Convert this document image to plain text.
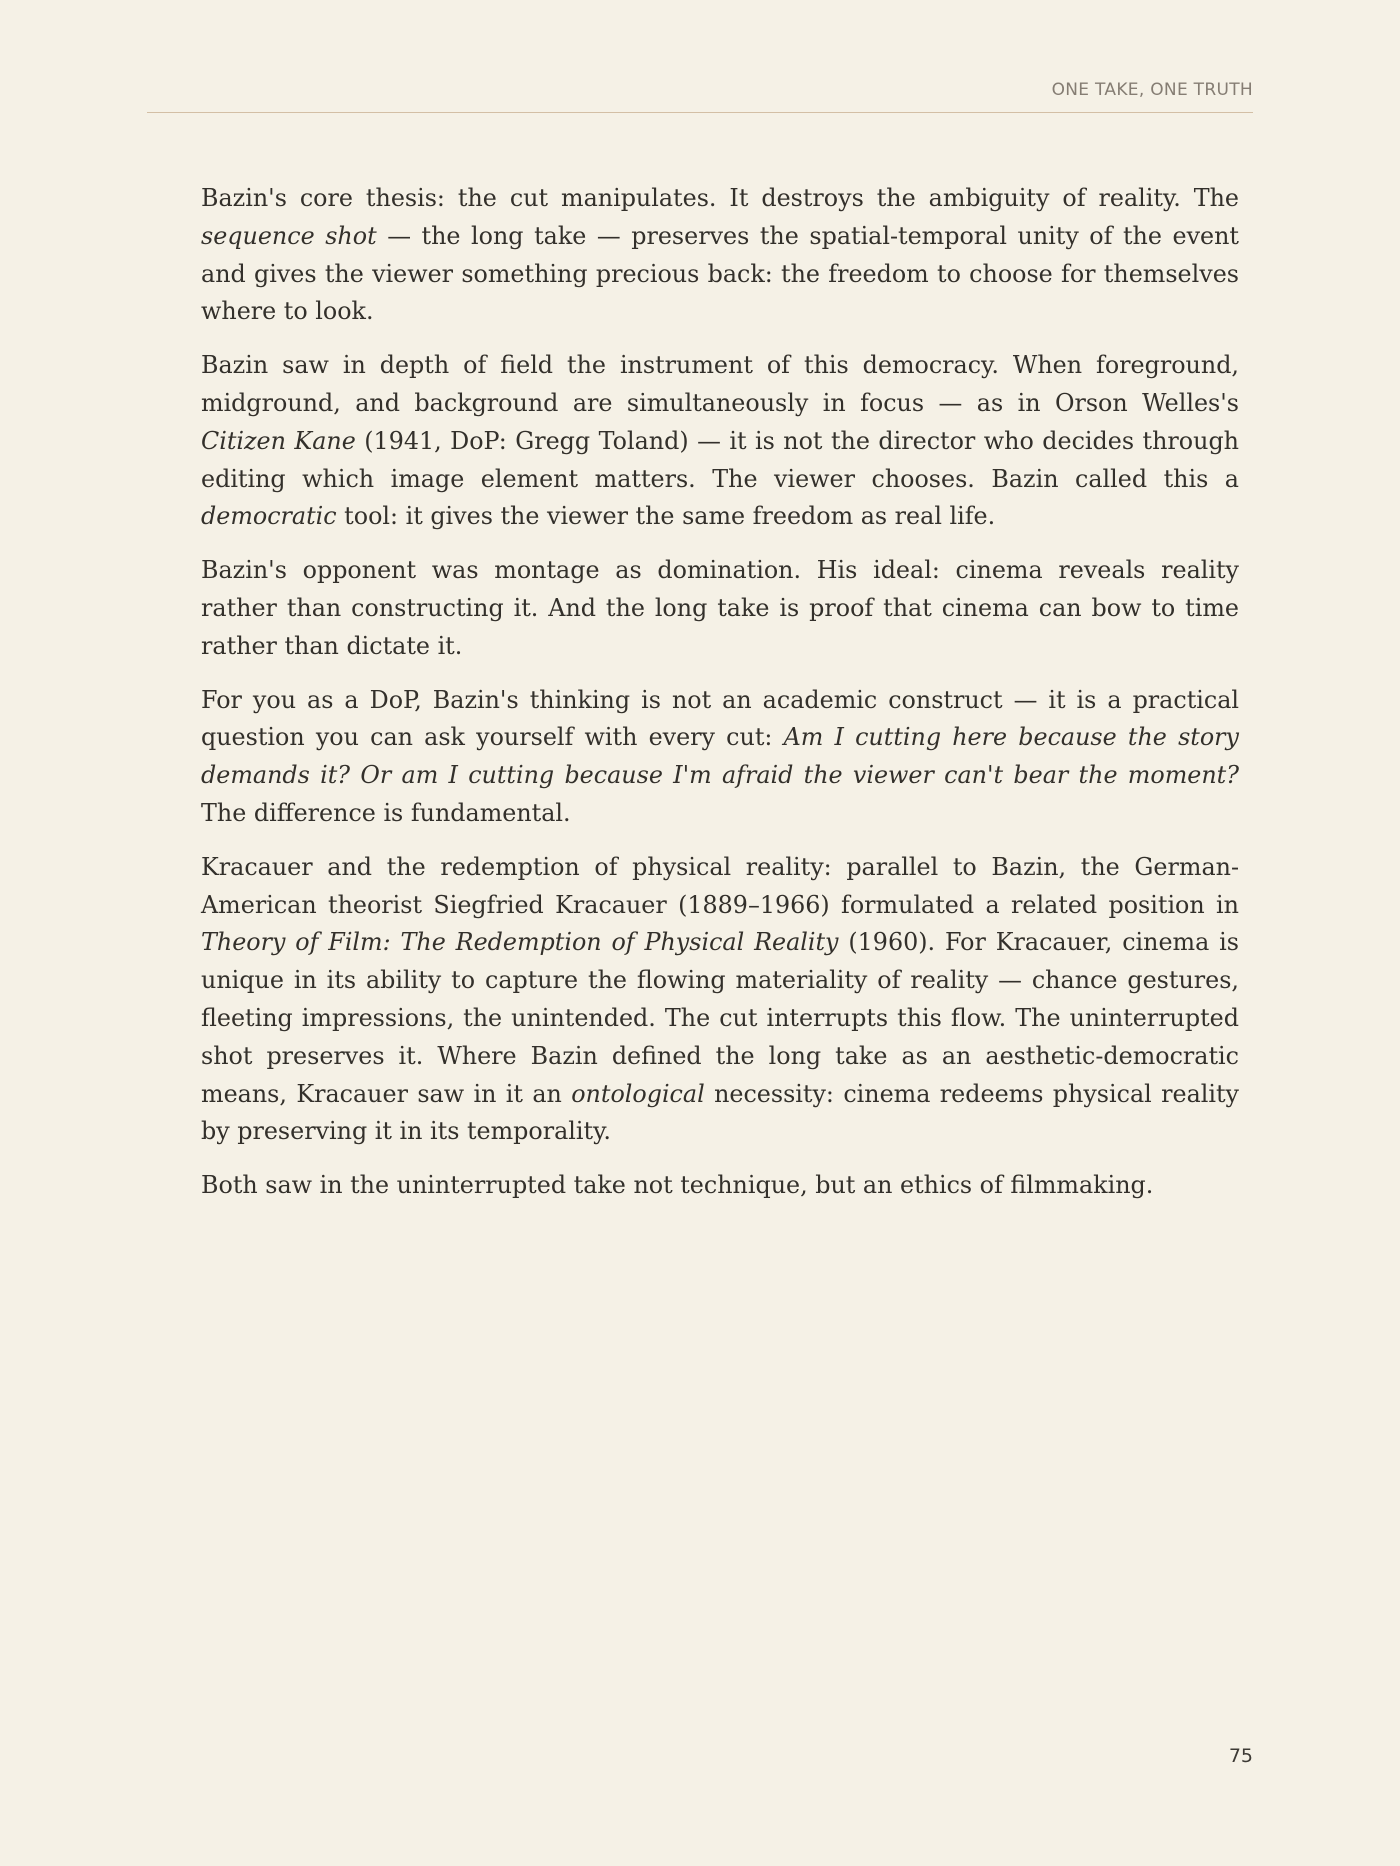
ONE TAKE, ONE TRUTH

Bazin's core thesis: the cut manipulates. It destroys the ambiguity of reality. The sequence shot — the long take — preserves the spatial-temporal unity of the event and gives the viewer something precious back: the freedom to choose for themselves where to look.

Bazin saw in depth of field the instrument of this democracy. When foreground, midground, and background are simultaneously in focus — as in Orson Welles's Citizen Kane (1941, DoP: Gregg Toland) — it is not the director who decides through editing which image element matters. The viewer chooses. Bazin called this a democratic tool: it gives the viewer the same freedom as real life.

Bazin's opponent was montage as domination. His ideal: cinema reveals reality rather than constructing it. And the long take is proof that cinema can bow to time rather than dictate it.

For you as a DoP, Bazin's thinking is not an academic construct — it is a practical question you can ask yourself with every cut: Am I cutting here because the story demands it? Or am I cutting because I'm afraid the viewer can't bear the moment? The difference is fundamental.

Kracauer and the redemption of physical reality: parallel to Bazin, the German-American theorist Siegfried Kracauer (1889–1966) formulated a related position in Theory of Film: The Redemption of Physical Reality (1960). For Kracauer, cinema is unique in its ability to capture the flowing materiality of reality — chance gestures, fleeting impressions, the unintended. The cut interrupts this flow. The uninterrupted shot preserves it. Where Bazin defined the long take as an aesthetic-democratic means, Kracauer saw in it an ontological necessity: cinema redeems physical reality by preserving it in its temporality.

Both saw in the uninterrupted take not technique, but an ethics of filmmaking.

75
